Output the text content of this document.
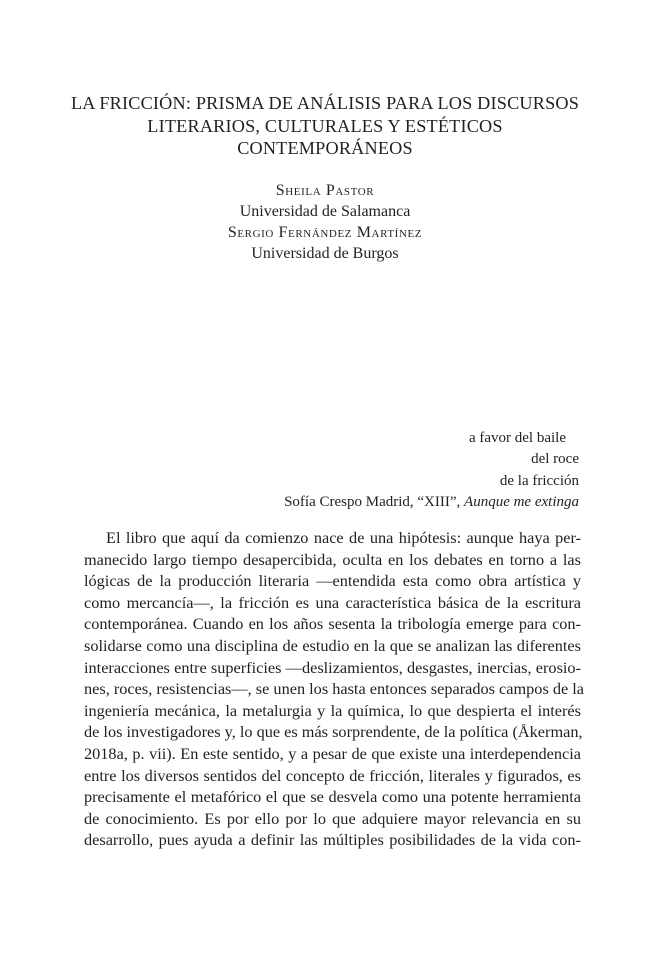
LA FRICCIÓN: PRISMA DE ANÁLISIS PARA LOS DISCURSOS
LITERARIOS, CULTURALES Y ESTÉTICOS
CONTEMPORÁNEOS
Sheila Pastor
Universidad de Salamanca
Sergio Fernández Martínez
Universidad de Burgos
a favor del baile
del roce
de la fricción
Sofía Crespo Madrid, “XIII”, Aunque me extinga

El libro que aquí da comienzo nace de una hipótesis: aunque haya per-
manecido largo tiempo desapercibida, oculta en los debates en torno a las
lógicas de la producción literaria —entendida esta como obra artística y
como mercancía—, la fricción es una característica básica de la escritura
contemporánea. Cuando en los años sesenta la tribología emerge para con-
solidarse como una disciplina de estudio en la que se analizan las diferentes
interacciones entre superficies —deslizamientos, desgastes, inercias, erosio-
nes, roces, resistencias—, se unen los hasta entonces separados campos de la
ingeniería mecánica, la metalurgia y la química, lo que despierta el interés
de los investigadores y, lo que es más sorprendente, de la política (Åkerman,
2018a, p. vii). En este sentido, y a pesar de que existe una interdependencia
entre los diversos sentidos del concepto de fricción, literales y figurados, es
precisamente el metafórico el que se desvela como una potente herramienta
de conocimiento. Es por ello por lo que adquiere mayor relevancia en su
desarrollo, pues ayuda a definir las múltiples posibilidades de la vida con-
